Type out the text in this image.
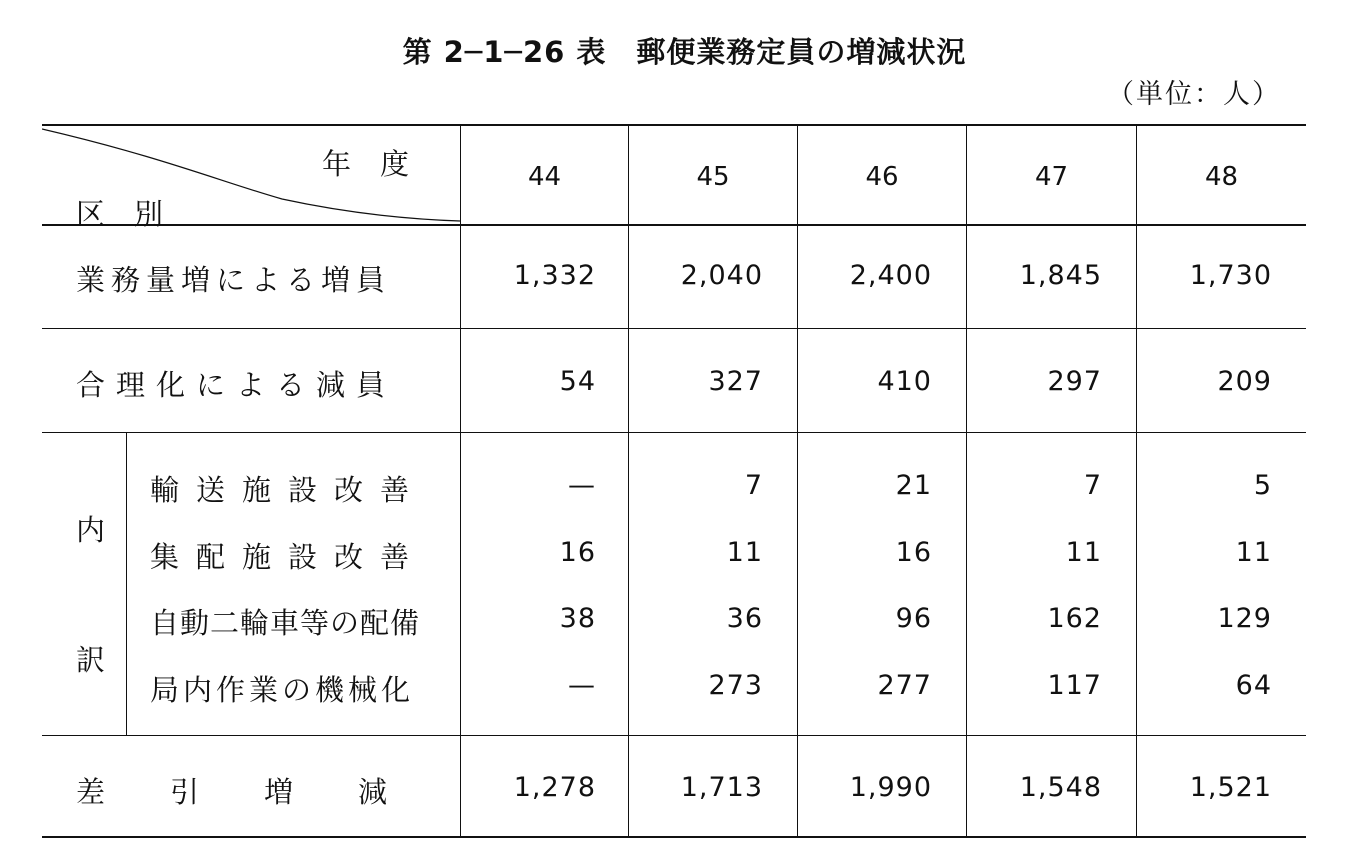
第 2─1─26 表　郵便業務定員の増減状況
（単位：人）
年　度
区　別
44	45	46	47	48
業務量増による増員	1,332	2,040	2,400	1,845	1,730
合理化による減員	54	327	410	297	209
内
訳
輸送施設改善	—	7	21	7	5
集配施設改善	16	11	16	11	11
自動二輪車等の配備	38	36	96	162	129
局内作業の機械化	—	273	277	117	64
差　引　増　減	1,278	1,713	1,990	1,548	1,521
